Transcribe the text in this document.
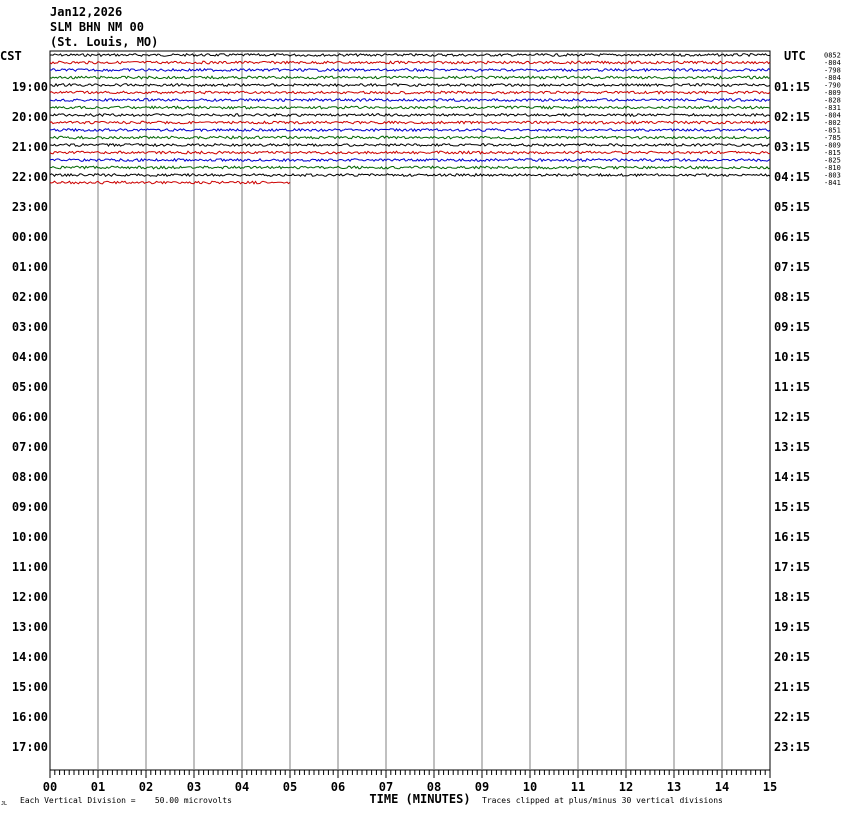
Jan12,2026
SLM BHN NM 00
(St. Louis, MO)
CST	UTC
19:00
20:00
21:00
22:00
23:00
00:00
01:00
02:00
03:00
04:00
05:00
06:00
07:00
08:00
09:00
10:00
11:00
12:00
13:00
14:00
15:00
16:00
17:00
01:15
02:15
03:15
04:15
05:15
06:15
07:15
08:15
09:15
10:15
11:15
12:15
13:15
14:15
15:15
16:15
17:15
18:15
19:15
20:15
21:15
22:15
23:15
0852
-804
-798
-804
-790
-809
-828
-831
-804
-802
-851
-785
-809
-815
-825
-810
-803
-841
00	01	02	03	04	05	06	07	08	09	10	11	12	13	14	15
TIME (MINUTES)
Each Vertical Division =    50.00 microvolts	Traces clipped at plus/minus 30 vertical divisions
JL
